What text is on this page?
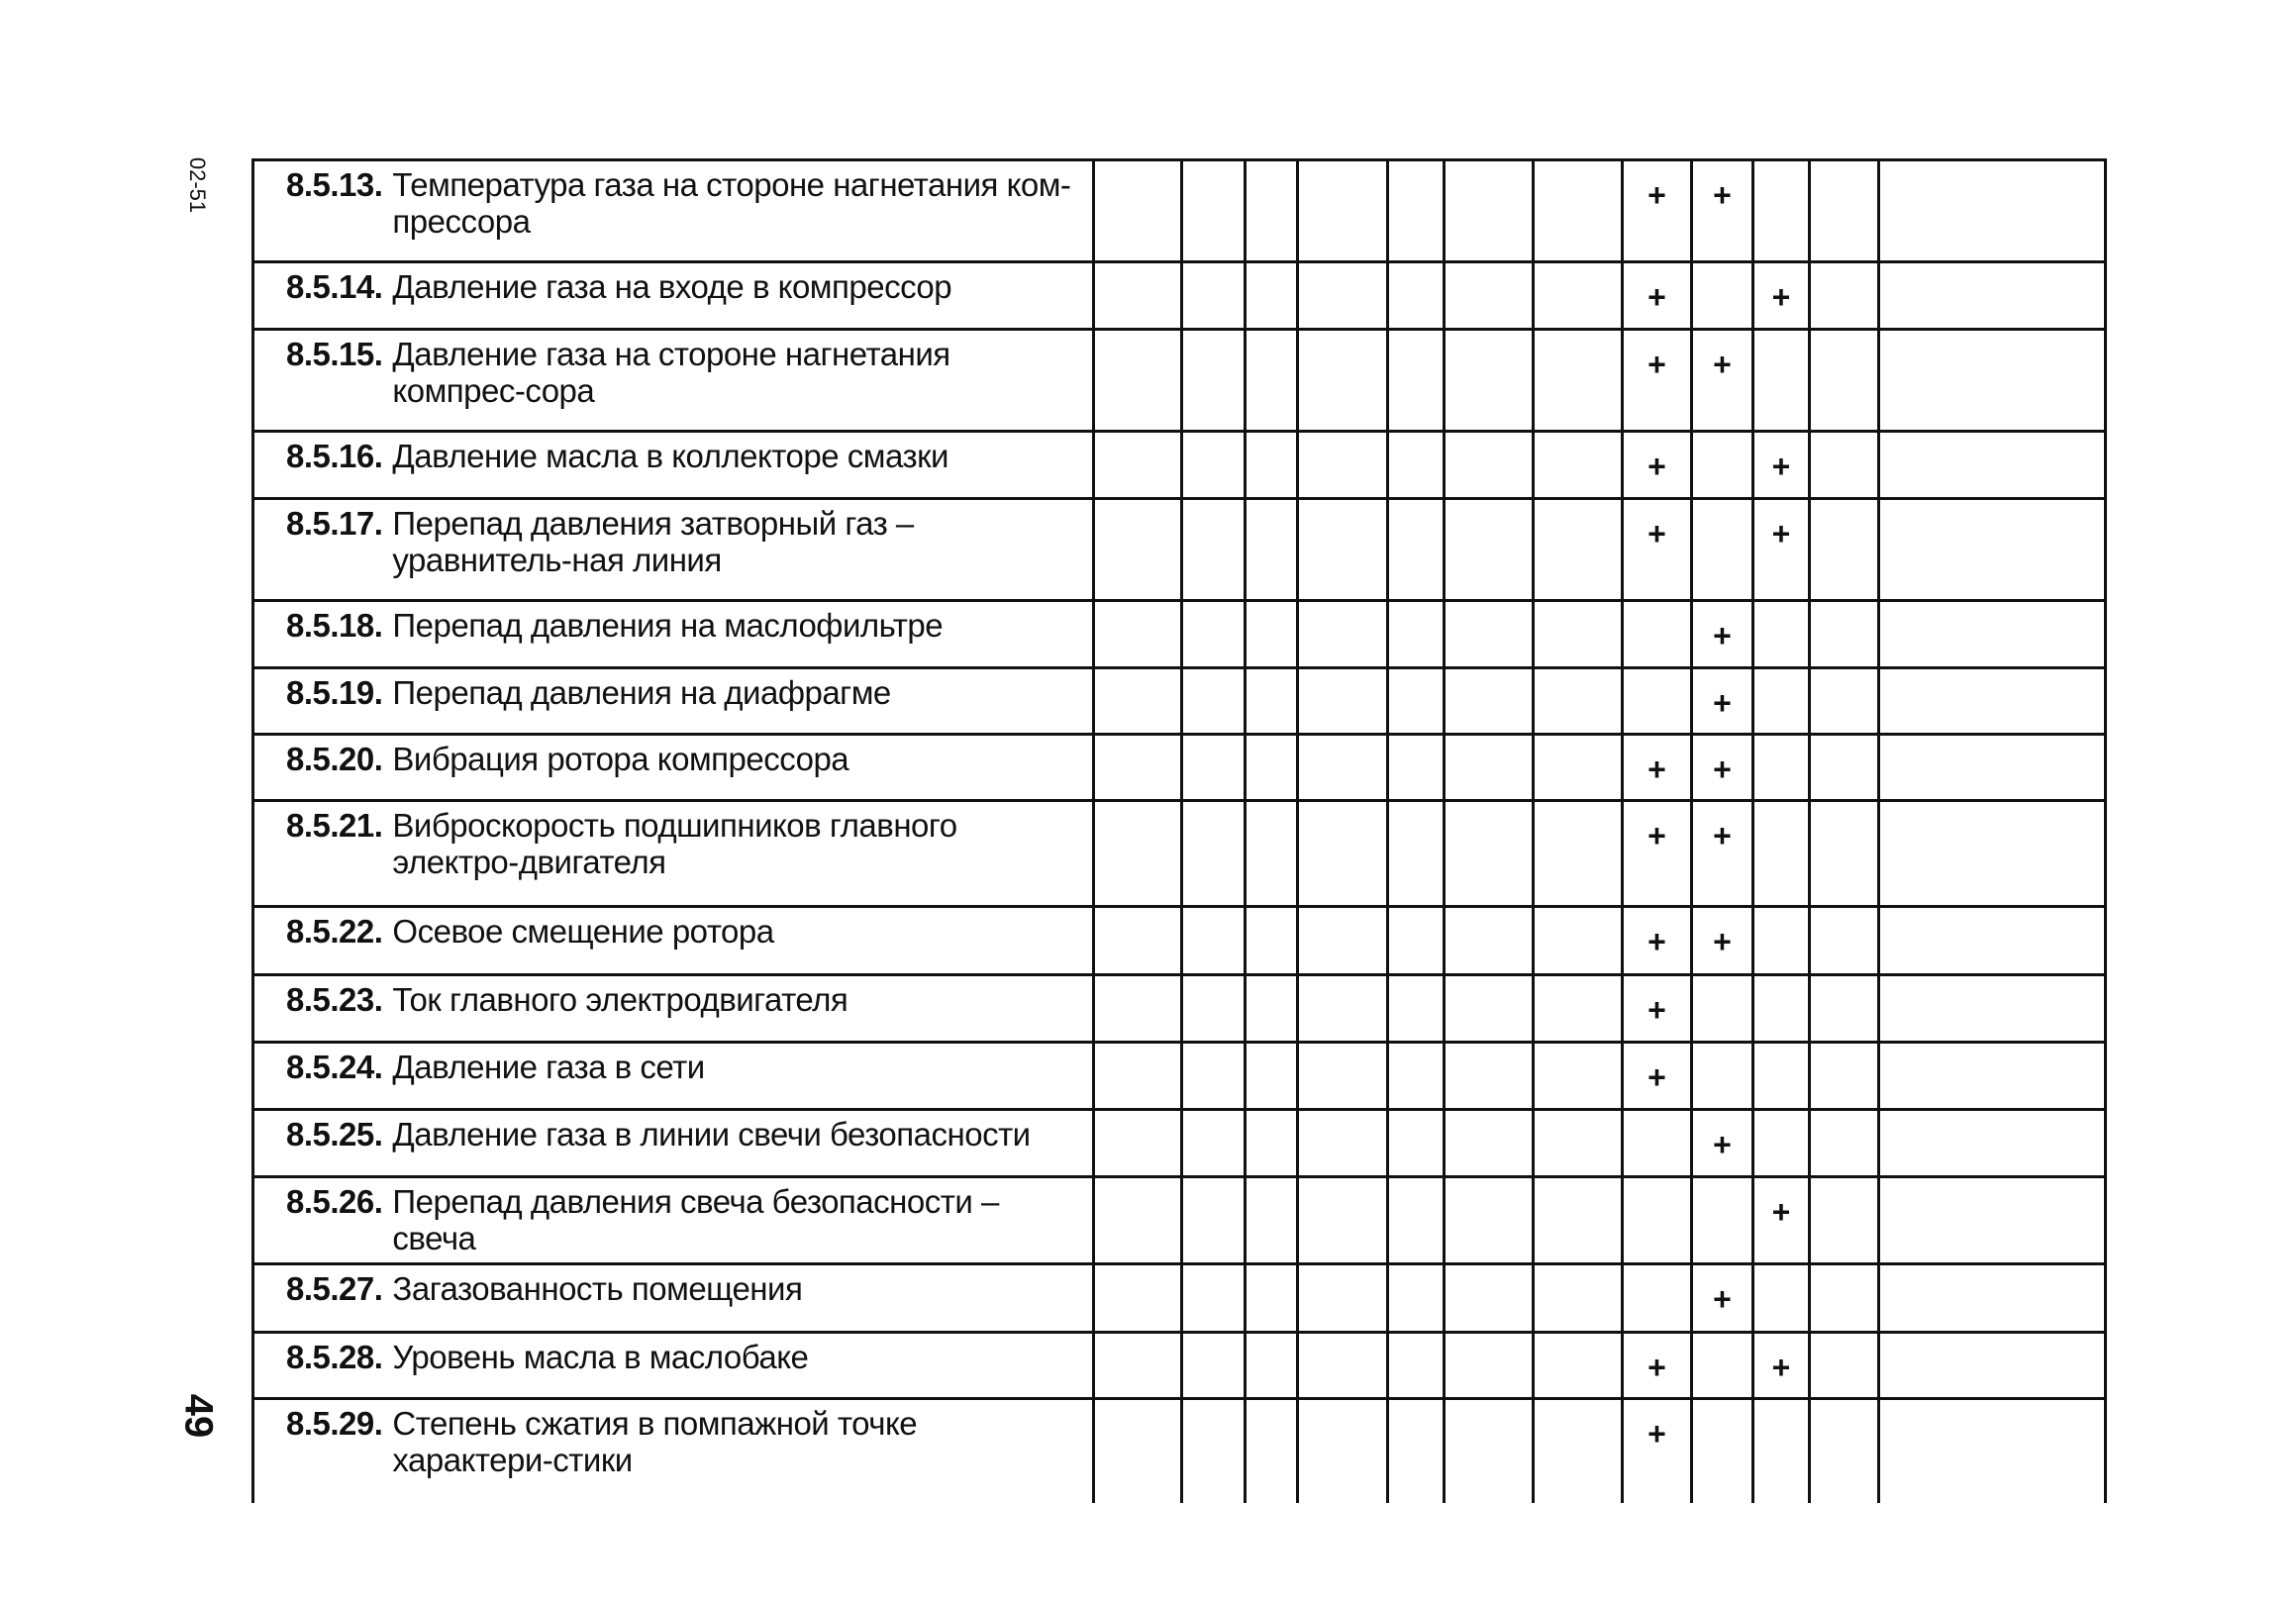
02-51
49
8.5.13. Температура газа на стороне нагнетания ком-прессора								+	+			

8.5.14. Давление газа на входе в компрессор								+		+		

8.5.15. Давление газа на стороне нагнетания компрес-сора								+	+			

8.5.16. Давление масла в коллекторе смазки								+		+		

8.5.17. Перепад давления затворный газ – уравнитель-ная линия								+		+		

8.5.18. Перепад давления на маслофильтре									+			

8.5.19. Перепад давления на диафрагме									+			

8.5.20. Вибрация ротора компрессора								+	+			

8.5.21. Виброскорость подшипников главного электро-двигателя								+	+			

8.5.22. Осевое смещение ротора								+	+			

8.5.23. Ток главного электродвигателя								+				

8.5.24. Давление газа в сети								+				

8.5.25. Давление газа в линии свечи безопасности									+			

8.5.26. Перепад давления свеча безопасности – свеча										+		

8.5.27. Загазованность помещения									+			

8.5.28. Уровень масла в маслобаке								+		+		

8.5.29. Степень сжатия в помпажной точке характери-стики								+				
